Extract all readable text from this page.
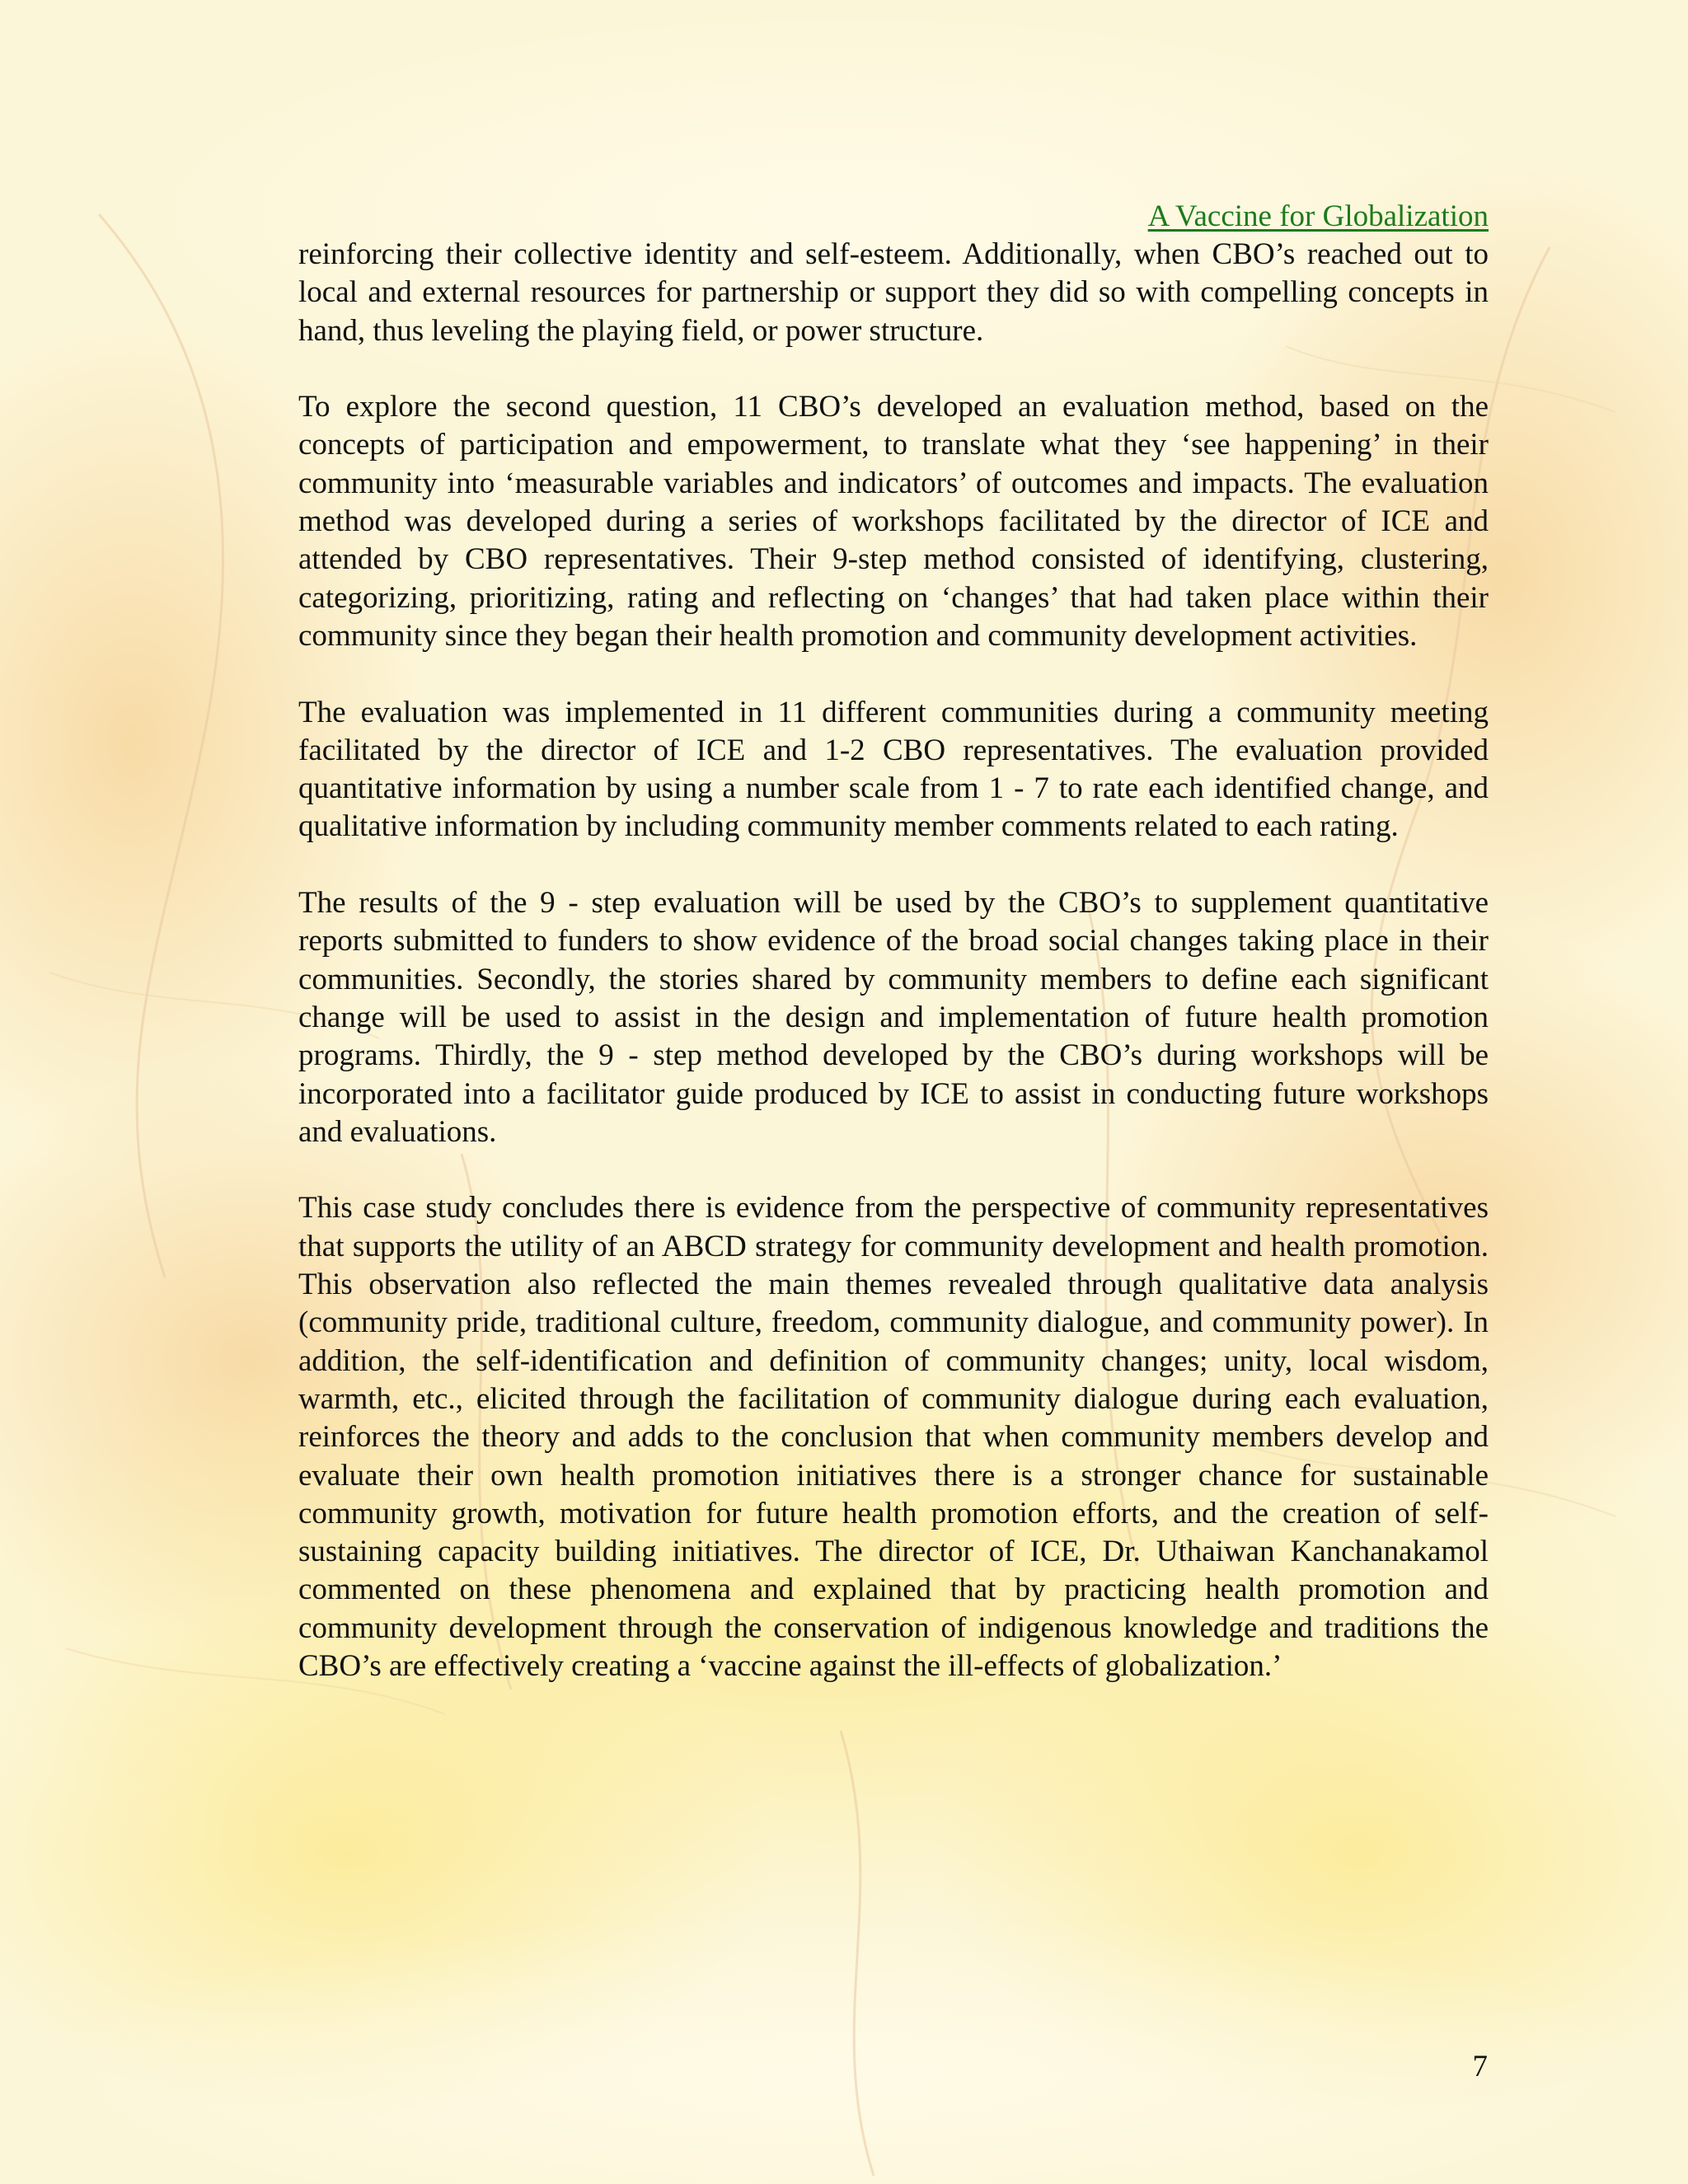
A Vaccine for Globalization

reinforcing their collective identity and self-esteem. Additionally, when CBO’s reached out to local and external resources for partnership or support they did so with compelling concepts in hand, thus leveling the playing field, or power structure.

To explore the second question, 11 CBO’s developed an evaluation method, based on the concepts of participation and empowerment, to translate what they ‘see happening’ in their community into ‘measurable variables and indicators’ of outcomes and impacts. The evaluation method was developed during a series of workshops facilitated by the director of ICE and attended by CBO representatives. Their 9-step method consisted of identifying, clustering, categorizing, prioritizing, rating and reflecting on ‘changes’ that had taken place within their community since they began their health promotion and community development activities.

The evaluation was implemented in 11 different communities during a community meeting facilitated by the director of ICE and 1-2 CBO representatives. The evaluation provided quantitative information by using a number scale from 1 - 7 to rate each identified change, and qualitative information by including community member comments related to each rating.

The results of the 9 - step evaluation will be used by the CBO’s to supplement quantitative reports submitted to funders to show evidence of the broad social changes taking place in their communities. Secondly, the stories shared by community members to define each significant change will be used to assist in the design and implementation of future health promotion programs. Thirdly, the 9 - step method developed by the CBO’s during workshops will be incorporated into a facilitator guide produced by ICE to assist in conducting future workshops and evaluations.

This case study concludes there is evidence from the perspective of community representatives that supports the utility of an ABCD strategy for community development and health promotion. This observation also reflected the main themes revealed through qualitative data analysis (community pride, traditional culture, freedom, community dialogue, and community power). In addition, the self-identification and definition of community changes; unity, local wisdom, warmth, etc., elicited through the facilitation of community dialogue during each evaluation, reinforces the theory and adds to the conclusion that when community members develop and evaluate their own health promotion initiatives there is a stronger chance for sustainable community growth, motivation for future health promotion efforts, and the creation of self-sustaining capacity building initiatives. The director of ICE, Dr. Uthaiwan Kanchanakamol commented on these phenomena and explained that by practicing health promotion and community development through the conservation of indigenous knowledge and traditions the CBO’s are effectively creating a ‘vaccine against the ill-effects of globalization.’

7
